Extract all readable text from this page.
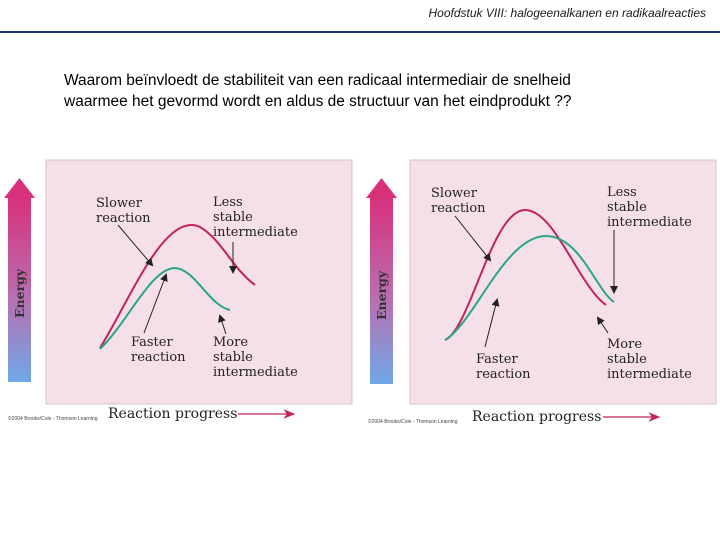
Hoofdstuk VIII: halogeenalkanen en radikaalreacties
Waarom beïnvloedt de stabiliteit van een radicaal intermediair de snelheid
waarmee het gevormd wordt en aldus de structuur van het eindprodukt ??
Energy
Slower
reaction
Less
stable
intermediate
Faster
reaction
More
stable
intermediate
©2004 Brooks/Cole - Thomson Learning Reaction progress
Energy
Slower
reaction
Less
stable
intermediate
Faster
reaction
More
stable
intermediate
©2004 Brooks/Cole - Thomson Learning Reaction progress
